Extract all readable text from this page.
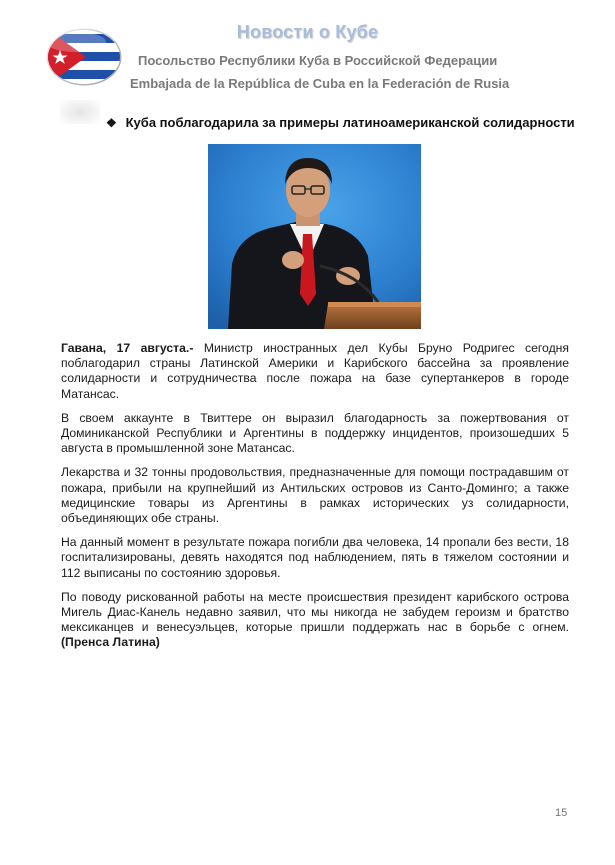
Новости о Кубе
Посольство Республики Куба в Российской Федерации
Embajada de la República de Cuba en la Federación de Rusia
❖ Куба поблагодарила за примеры латиноамериканской солидарности

Гавана, 17 августа.- Министр иностранных дел Кубы Бруно Родригес сегодня поблагодарил страны Латинской Америки и Карибского бассейна за проявление солидарности и сотрудничества после пожара на базе супертанкеров в городе Матансас.

В своем аккаунте в Твиттере он выразил благодарность за пожертвования от Доминиканской Республики и Аргентины в поддержку инцидентов, произошедших 5 августа в промышленной зоне Матансас.

Лекарства и 32 тонны продовольствия, предназначенные для помощи пострадавшим от пожара, прибыли на крупнейший из Антильских островов из Санто-Доминго; а также медицинские товары из Аргентины в рамках исторических уз солидарности, объединяющих обе страны.

На данный момент в результате пожара погибли два человека, 14 пропали без вести, 18 госпитализированы, девять находятся под наблюдением, пять в тяжелом состоянии и 112 выписаны по состоянию здоровья.

По поводу рискованной работы на месте происшествия президент карибского острова Мигель Диас-Канель недавно заявил, что мы никогда не забудем героизм и братство мексиканцев и венесуэльцев, которые пришли поддержать нас в борьбе с огнем. (Пренса Латина)

15
